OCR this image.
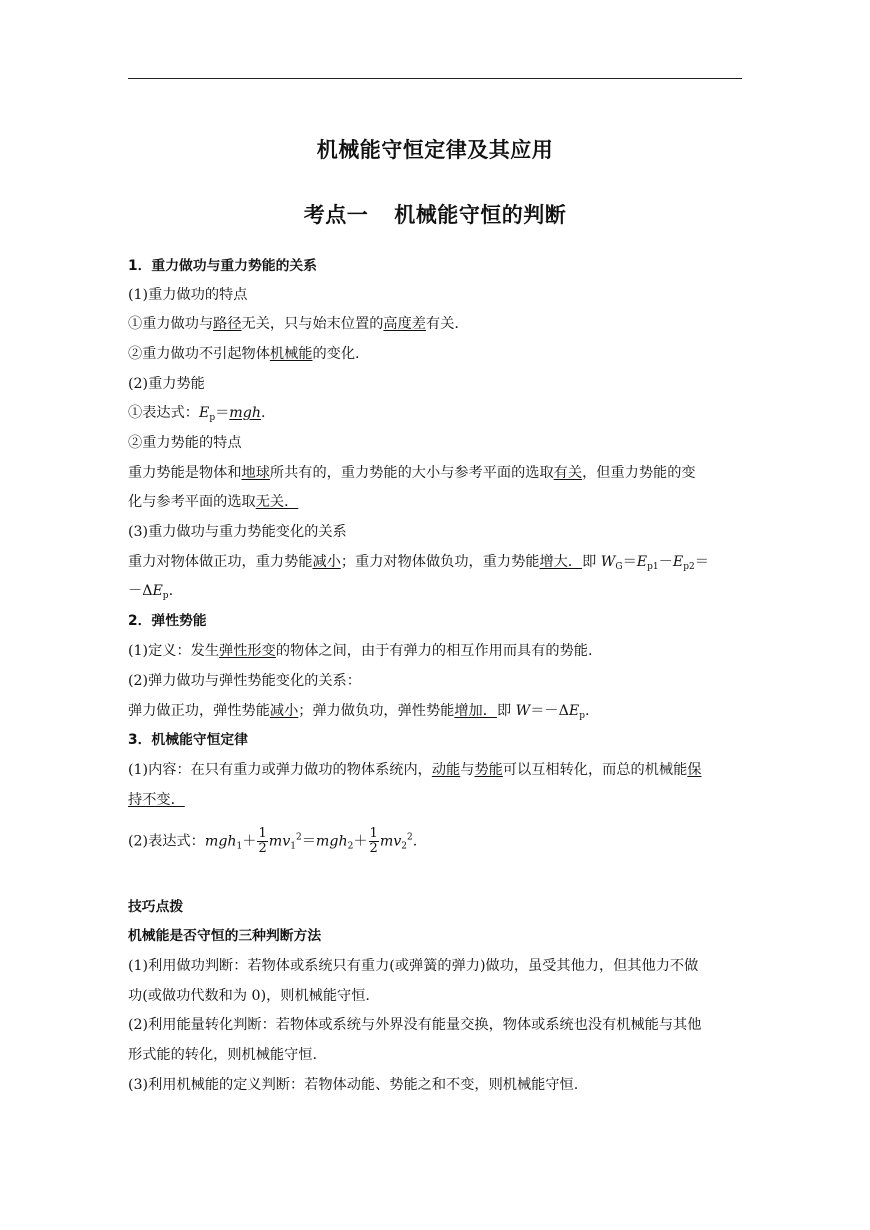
机械能守恒定律及其应用
考点一 机械能守恒的判断
1．重力做功与重力势能的关系
(1)重力做功的特点
①重力做功与路径无关，只与始末位置的高度差有关.
②重力做功不引起物体机械能的变化.
(2)重力势能
①表达式：$E_p=mgh$.
②重力势能的特点
重力势能是物体和地球所共有的，重力势能的大小与参考平面的选取有关，但重力势能的变
化与参考平面的选取无关．
(3)重力做功与重力势能变化的关系
重力对物体做正功，重力势能减小；重力对物体做负功，重力势能增大．即 $W_G=E_{p1}-E_{p2}=$
$-\Delta E_p$.
2．弹性势能
(1)定义：发生弹性形变的物体之间，由于有弹力的相互作用而具有的势能.
(2)弹力做功与弹性势能变化的关系：
弹力做正功，弹性势能减小；弹力做负功，弹性势能增加．即 $W=-\Delta E_p$.
3．机械能守恒定律
(1)内容：在只有重力或弹力做功的物体系统内，动能与势能可以互相转化，而总的机械能保
持不变．
(2)表达式：$mgh_1+ \frac{1}{2} mv_1^2=mgh_2+ \frac{1}{2} mv_2^2$.
技巧点拨
机械能是否守恒的三种判断方法
(1)利用做功判断：若物体或系统只有重力(或弹簧的弹力)做功，虽受其他力，但其他力不做
功(或做功代数和为 0)，则机械能守恒.
(2)利用能量转化判断：若物体或系统与外界没有能量交换，物体或系统也没有机械能与其他
形式能的转化，则机械能守恒.
(3)利用机械能的定义判断：若物体动能、势能之和不变，则机械能守恒.
